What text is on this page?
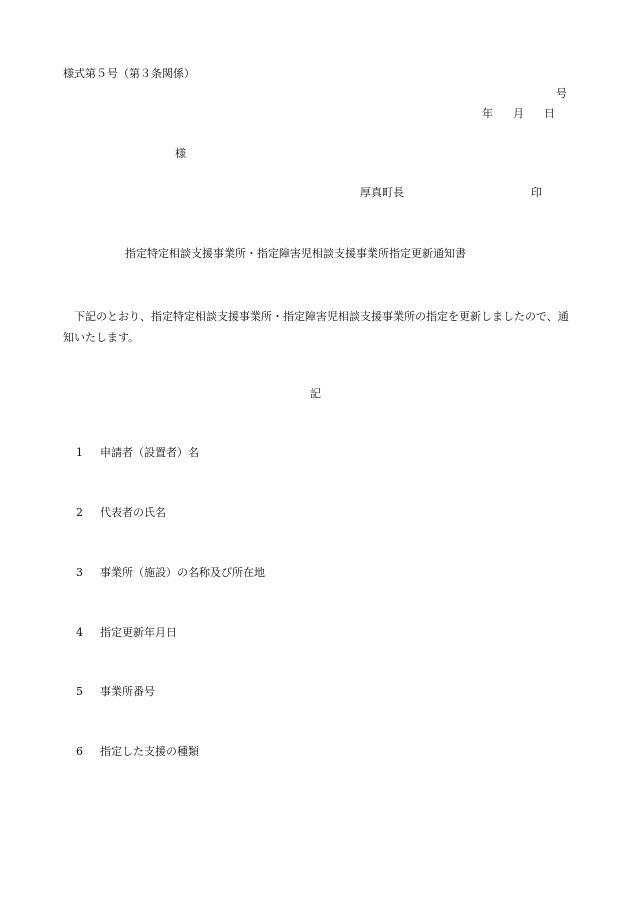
様式第５号（第３条関係）
号
年 月 日
様
厚真町長	印
指定特定相談支援事業所・指定障害児相談支援事業所指定更新通知書
下記のとおり、指定特定相談支援事業所・指定障害児相談支援事業所の指定を更新しましたので、通知いたします。
記
1 申請者（設置者）名
2 代表者の氏名
3 事業所（施設）の名称及び所在地
4 指定更新年月日
5 事業所番号
6 指定した支援の種類
